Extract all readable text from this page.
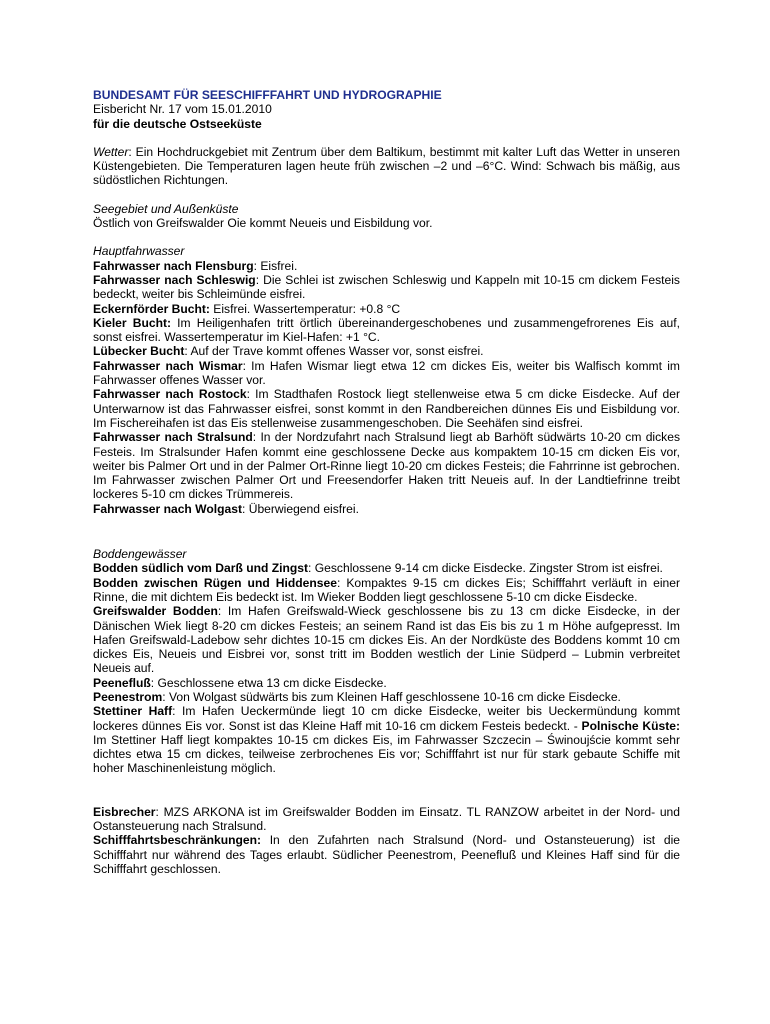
BUNDESAMT FÜR SEESCHIFFFAHRT UND HYDROGRAPHIE
Eisbericht Nr. 17 vom 15.01.2010
für die deutsche Ostseeküste

Wetter: Ein Hochdruckgebiet mit Zentrum über dem Baltikum, bestimmt mit kalter Luft das Wetter in unseren Küstengebieten. Die Temperaturen lagen heute früh zwischen –2 und –6°C. Wind: Schwach bis mäßig, aus südöstlichen Richtungen.

Seegebiet und Außenküste

Östlich von Greifswalder Oie kommt Neueis und Eisbildung vor.

Hauptfahrwasser

Fahrwasser nach Flensburg: Eisfrei.

Fahrwasser nach Schleswig: Die Schlei ist zwischen Schleswig und Kappeln mit 10-15 cm dickem Festeis bedeckt, weiter bis Schleimünde eisfrei.

Eckernförder Bucht: Eisfrei. Wassertemperatur: +0.8 °C

Kieler Bucht: Im Heiligenhafen tritt örtlich übereinandergeschobenes und zusammengefrorenes Eis auf, sonst eisfrei. Wassertemperatur im Kiel-Hafen: +1 °C.

Lübecker Bucht: Auf der Trave kommt offenes Wasser vor, sonst eisfrei.

Fahrwasser nach Wismar: Im Hafen Wismar liegt etwa 12 cm dickes Eis, weiter bis Walfisch kommt im Fahrwasser offenes Wasser vor.

Fahrwasser nach Rostock: Im Stadthafen Rostock liegt stellenweise etwa 5 cm dicke Eisdecke. Auf der Unterwarnow ist das Fahrwasser eisfrei, sonst kommt in den Randbereichen dünnes Eis und Eisbildung vor. Im Fischereihafen ist das Eis stellenweise zusammengeschoben. Die Seehäfen sind eisfrei.

Fahrwasser nach Stralsund: In der Nordzufahrt nach Stralsund liegt ab Barhöft südwärts 10-20 cm dickes Festeis. Im Stralsunder Hafen kommt eine geschlossene Decke aus kompaktem 10-15 cm dicken Eis vor, weiter bis Palmer Ort und in der Palmer Ort-Rinne liegt 10-20 cm dickes Festeis; die Fahrrinne ist gebrochen. Im Fahrwasser zwischen Palmer Ort und Freesendorfer Haken tritt Neueis auf. In der Landtiefrinne treibt lockeres 5-10 cm dickes Trümmereis.

Fahrwasser nach Wolgast: Überwiegend eisfrei.

Boddengewässer

Bodden südlich vom Darß und Zingst: Geschlossene 9-14 cm dicke Eisdecke. Zingster Strom ist eisfrei.

Bodden zwischen Rügen und Hiddensee: Kompaktes 9-15 cm dickes Eis; Schifffahrt verläuft in einer Rinne, die mit dichtem Eis bedeckt ist. Im Wieker Bodden liegt geschlossene 5-10 cm dicke Eisdecke.

Greifswalder Bodden: Im Hafen Greifswald-Wieck geschlossene bis zu 13 cm dicke Eisdecke, in der Dänischen Wiek liegt 8-20 cm dickes Festeis; an seinem Rand ist das Eis bis zu 1 m Höhe aufgepresst. Im Hafen Greifswald-Ladebow sehr dichtes 10-15 cm dickes Eis. An der Nordküste des Boddens kommt 10 cm dickes Eis, Neueis und Eisbrei vor, sonst tritt im Bodden westlich der Linie Südperd – Lubmin verbreitet Neueis auf.

Peenefluß: Geschlossene etwa 13 cm dicke Eisdecke.

Peenestrom: Von Wolgast südwärts bis zum Kleinen Haff geschlossene 10-16 cm dicke Eisdecke.

Stettiner Haff: Im Hafen Ueckermünde liegt 10 cm dicke Eisdecke, weiter bis Ueckermündung kommt lockeres dünnes Eis vor. Sonst ist das Kleine Haff mit 10-16 cm dickem Festeis bedeckt. - Polnische Küste: Im Stettiner Haff liegt kompaktes 10-15 cm dickes Eis, im Fahrwasser Szczecin – Świnoujście kommt sehr dichtes etwa 15 cm dickes, teilweise zerbrochenes Eis vor; Schifffahrt ist nur für stark gebaute Schiffe mit hoher Maschinenleistung möglich.

Eisbrecher: MZS ARKONA ist im Greifswalder Bodden im Einsatz. TL RANZOW arbeitet in der Nord- und Ostansteuerung nach Stralsund.

Schifffahrtsbeschränkungen: In den Zufahrten nach Stralsund (Nord- und Ostansteuerung) ist die Schifffahrt nur während des Tages erlaubt. Südlicher Peenestrom, Peenefluß und Kleines Haff sind für die Schifffahrt geschlossen.
